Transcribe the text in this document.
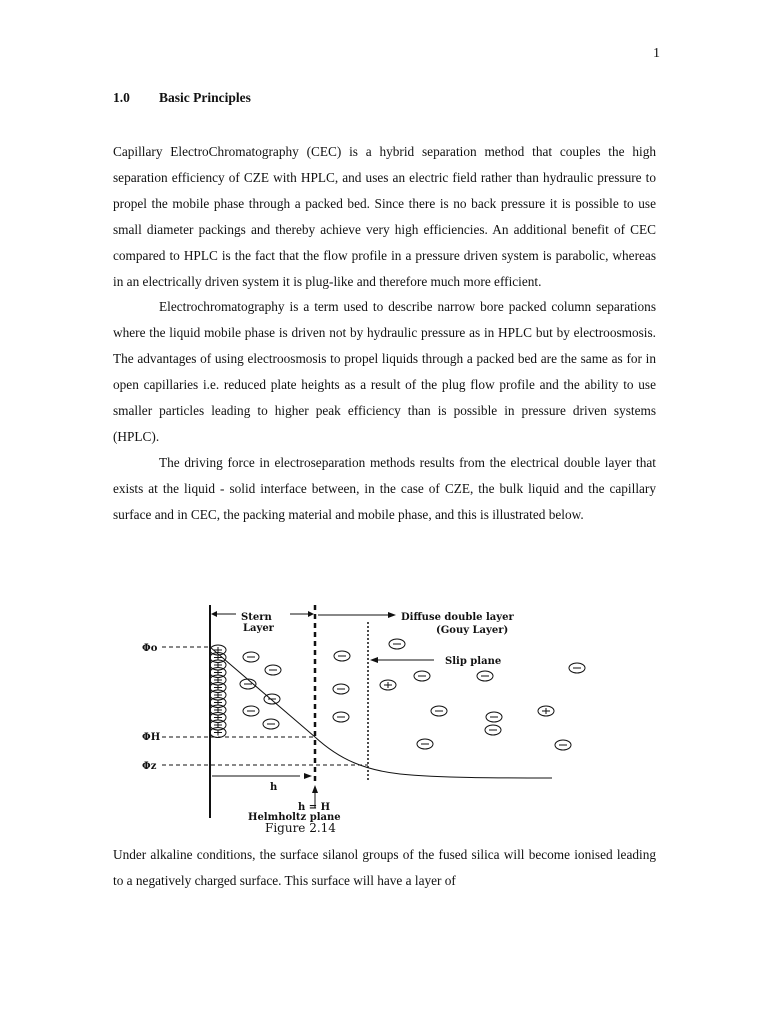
1
1.0 Basic Principles

Capillary ElectroChromatography (CEC) is a hybrid separation method that couples the high separation efficiency of CZE with HPLC, and uses an electric field rather than hydraulic pressure to propel the mobile phase through a packed bed. Since there is no back pressure it is possible to use small diameter packings and thereby achieve very high efficiencies. An additional benefit of CEC compared to HPLC is the fact that the flow profile in a pressure driven system is parabolic, whereas in an electrically driven system it is plug-like and therefore much more efficient.

Electrochromatography is a term used to describe narrow bore packed column separations where the liquid mobile phase is driven not by hydraulic pressure as in HPLC but by electroosmosis. The advantages of using electroosmosis to propel liquids through a packed bed are the same as for in open capillaries i.e. reduced plate heights as a result of the plug flow profile and the ability to use smaller particles leading to higher peak efficiency than is possible in pressure driven systems (HPLC).

The driving force in electroseparation methods results from the electrical double layer that exists at the liquid - solid interface between, in the case of CZE, the bulk liquid and the capillary surface and in CEC, the packing material and mobile phase, and this is illustrated below.

Stern
Layer
Diffuse double layer
(Gouy Layer)
Slip plane
Φo
ΦH
Φz
h
h = H
Helmholtz plane
Figure 2.14

Under alkaline conditions, the surface silanol groups of the fused silica will become ionised leading to a negatively charged surface. This surface will have a layer of
